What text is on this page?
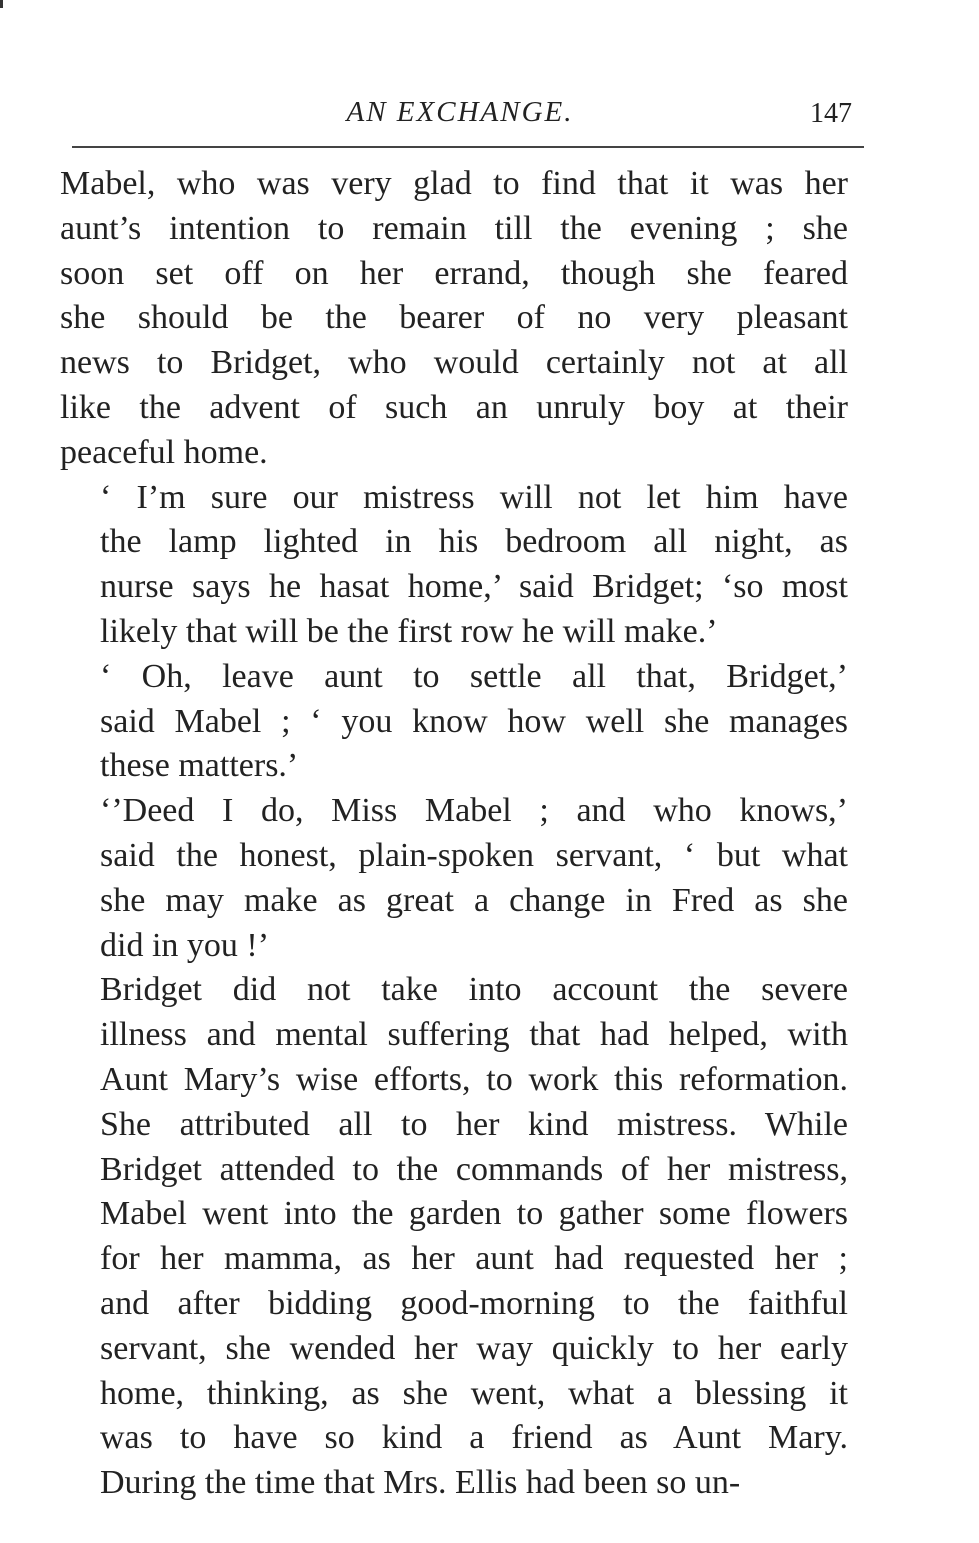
AN EXCHANGE.	147
Mabel, who was very glad to find that it was her
aunt’s intention to remain till the evening ; she
soon set off on her errand, though she feared
she should be the bearer of no very pleasant
news to Bridget, who would certainly not at all
like the advent of such an unruly boy at their
peaceful home.
‘ I’m sure our mistress will not let him have
the lamp lighted in his bedroom all night, as
nurse says he hasat home,’ said Bridget; ‘so most
likely that will be the first row he will make.’
‘ Oh, leave aunt to settle all that, Bridget,’
said Mabel ; ‘ you know how well she manages
these matters.’
‘’Deed I do, Miss Mabel ; and who knows,’
said the honest, plain-spoken servant, ‘ but what
she may make as great a change in Fred as she
did in you !’
Bridget did not take into account the severe
illness and mental suffering that had helped, with
Aunt Mary’s wise efforts, to work this reformation.
She attributed all to her kind mistress. While
Bridget attended to the commands of her mistress,
Mabel went into the garden to gather some flowers
for her mamma, as her aunt had requested her ;
and after bidding good-morning to the faithful
servant, she wended her way quickly to her early
home, thinking, as she went, what a blessing it
was to have so kind a friend as Aunt Mary.
During the time that Mrs. Ellis had been so un-
